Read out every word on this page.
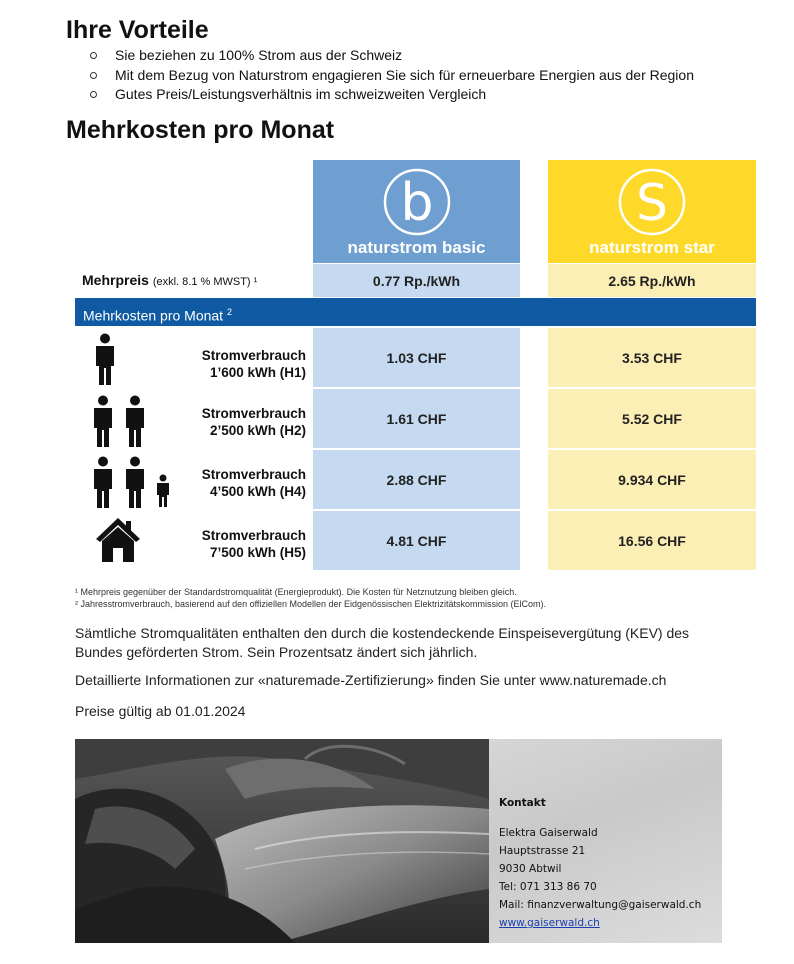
Ihre Vorteile
Sie beziehen zu 100% Strom aus der Schweiz
Mit dem Bezug von Naturstrom engagieren Sie sich für erneuerbare Energien aus der Region
Gutes Preis/Leistungsverhältnis im schweizweiten Vergleich
Mehrkosten pro Monat
b
naturstrom basic
S
naturstrom star
Mehrpreis (exkl. 8.1 % MWST) ¹	0.77 Rp./kWh	2.65 Rp./kWh
Mehrkosten pro Monat $^2$
Stromverbrauch
1’600 kWh (H1)
1.03 CHF	3.53 CHF
Stromverbrauch
2’500 kWh (H2)
1.61 CHF	5.52 CHF
Stromverbrauch
4’500 kWh (H4)
2.88 CHF	9.934 CHF
Stromverbrauch
7’500 kWh (H5)
4.81 CHF	16.56 CHF
¹ Mehrpreis gegenüber der Standardstromqualität (Energieprodukt). Die Kosten für Netznutzung bleiben gleich.
² Jahresstromverbrauch, basierend auf den offiziellen Modellen der Eidgenössischen Elektrizitätskommission (ElCom).
Sämtliche Stromqualitäten enthalten den durch die kostendeckende Einspeisevergütung (KEV) des Bundes geförderten Strom. Sein Prozentsatz ändert sich jährlich.
Detaillierte Informationen zur «naturemade-Zertifizierung» finden Sie unter www.naturemade.ch
Preise gültig ab 01.01.2024
Kontakt
Elektra Gaiserwald
Hauptstrasse 21
9030 Abtwil
Tel: 071 313 86 70
Mail: finanzverwaltung@gaiserwald.ch
www.gaiserwald.ch
